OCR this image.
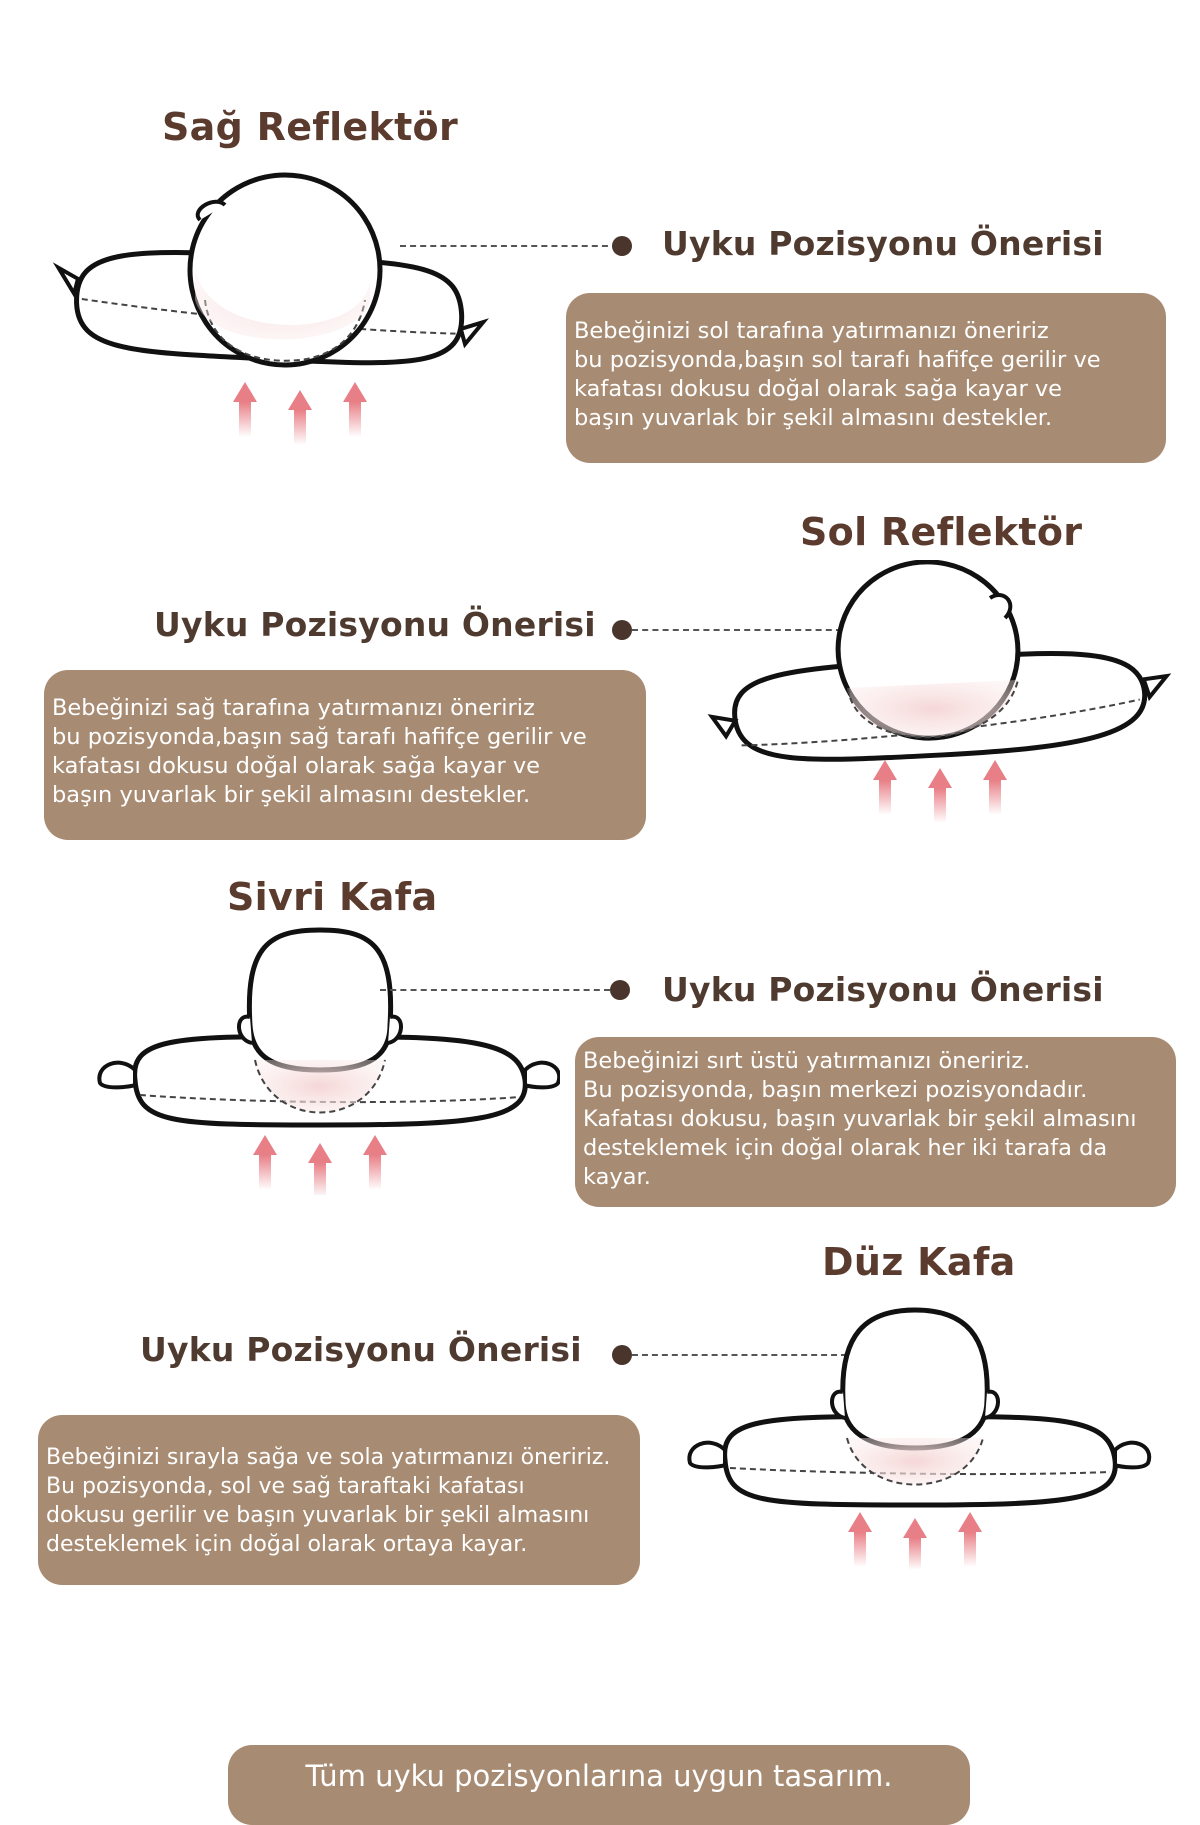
Sağ Reflektör
Uyku Pozisyonu Önerisi

Bebeğinizi sol tarafına yatırmanızı öneririz

bu pozisyonda,başın sol tarafı hafifçe gerilir ve

kafatası dokusu doğal olarak sağa kayar ve

başın yuvarlak bir şekil almasını destekler.

Sol Reflektör
Uyku Pozisyonu Önerisi

Bebeğinizi sağ tarafına yatırmanızı öneririz

bu pozisyonda,başın sağ tarafı hafifçe gerilir ve

kafatası dokusu doğal olarak sağa kayar ve

başın yuvarlak bir şekil almasını destekler.

Sivri Kafa
Uyku Pozisyonu Önerisi

Bebeğinizi sırt üstü yatırmanızı öneririz.

Bu pozisyonda, başın merkezi pozisyondadır.

Kafatası dokusu, başın yuvarlak bir şekil almasını

desteklemek için doğal olarak her iki tarafa da

kayar.

Düz Kafa
Uyku Pozisyonu Önerisi

Bebeğinizi sırayla sağa ve sola yatırmanızı öneririz.

Bu pozisyonda, sol ve sağ taraftaki kafatası

dokusu gerilir ve başın yuvarlak bir şekil almasını

desteklemek için doğal olarak ortaya kayar.

Tüm uyku pozisyonlarına uygun tasarım.
